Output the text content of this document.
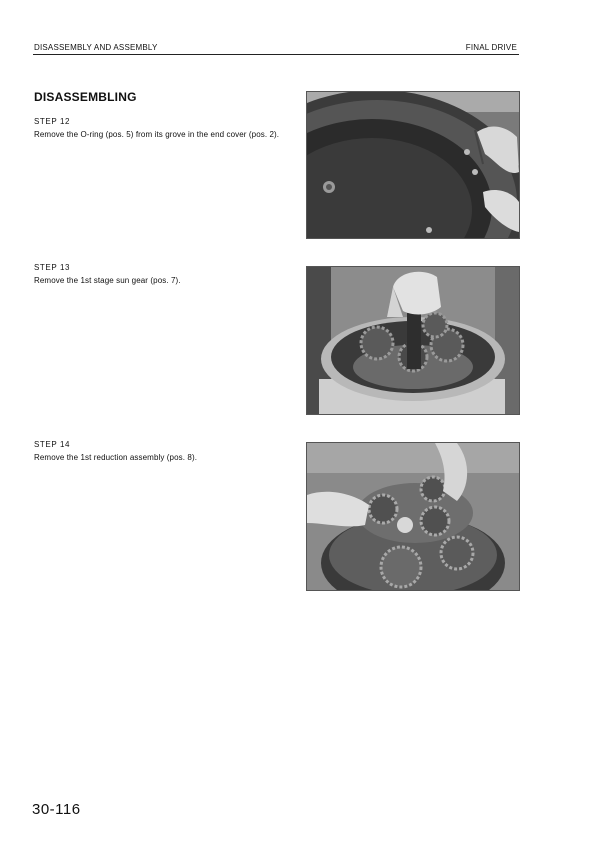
DISASSEMBLY AND ASSEMBLY	FINAL DRIVE
DISASSEMBLING
STEP 12
Remove the O-ring (pos. 5) from its grove in the end cover (pos. 2).
STEP 13
Remove the 1st stage sun gear (pos. 7).
STEP 14
Remove the 1st reduction assembly (pos. 8).
30-116
